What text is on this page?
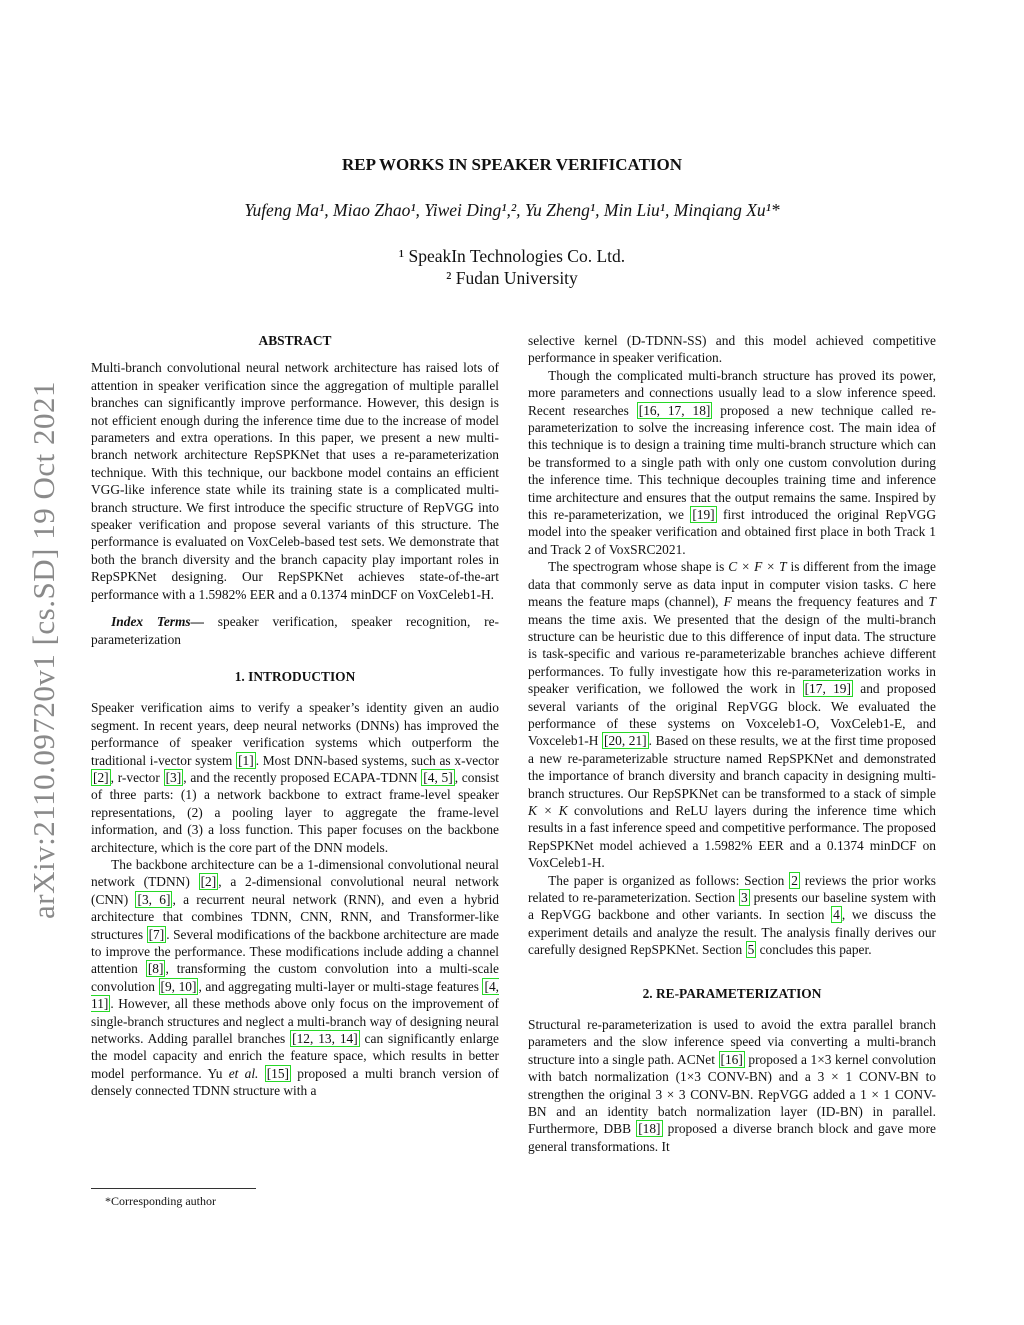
arXiv:2110.09720v1 [cs.SD] 19 Oct 2021
REP WORKS IN SPEAKER VERIFICATION
Yufeng Ma¹, Miao Zhao¹, Yiwei Ding¹,², Yu Zheng¹, Min Liu¹, Minqiang Xu¹*
¹ SpeakIn Technologies Co. Ltd.
² Fudan University
ABSTRACT

Multi-branch convolutional neural network architecture has raised lots of attention in speaker verification since the aggregation of multiple parallel branches can significantly improve performance. However, this design is not efficient enough during the inference time due to the increase of model parameters and extra operations. In this paper, we present a new multi-branch network architecture RepSPKNet that uses a re-parameterization technique. With this technique, our backbone model contains an efficient VGG-like inference state while its training state is a complicated multi-branch structure. We first introduce the specific structure of RepVGG into speaker verification and propose several variants of this structure. The performance is evaluated on VoxCeleb-based test sets. We demonstrate that both the branch diversity and the branch capacity play important roles in RepSPKNet designing. Our RepSPKNet achieves state-of-the-art performance with a 1.5982% EER and a 0.1374 minDCF on VoxCeleb1-H.

Index Terms— speaker verification, speaker recognition, re-parameterization

1. INTRODUCTION

Speaker verification aims to verify a speaker’s identity given an audio segment. In recent years, deep neural networks (DNNs) has improved the performance of speaker verification systems which outperform the traditional i-vector system [1] . Most DNN-based systems, such as x-vector [2] , r-vector [3] , and the recently proposed ECAPA-TDNN [4, 5] , consist of three parts: (1) a network backbone to extract frame-level speaker representations, (2) a pooling layer to aggregate the frame-level information, and (3) a loss function. This paper focuses on the backbone architecture, which is the core part of the DNN models.

The backbone architecture can be a 1-dimensional convolutional neural network (TDNN) [2] , a 2-dimensional convolutional neural network (CNN) [3, 6] , a recurrent neural network (RNN), and even a hybrid architecture that combines TDNN, CNN, RNN, and Transformer-like structures [7] . Several modifications of the backbone architecture are made to improve the performance. These modifications include adding a channel attention [8] , transforming the custom convolution into a multi-scale convolution [9, 10] , and aggregating multi-layer or multi-stage features [4, 11] . However, all these methods above only focus on the improvement of single-branch structures and neglect a multi-branch way of designing neural networks. Adding parallel branches [12, 13, 14] can significantly enlarge the model capacity and enrich the feature space, which results in better model performance. Yu et al. [15] proposed a multi branch version of densely connected TDNN structure with a

*Corresponding author

selective kernel (D-TDNN-SS) and this model achieved competitive performance in speaker verification.

Though the complicated multi-branch structure has proved its power, more parameters and connections usually lead to a slow inference speed. Recent researches [16, 17, 18] proposed a new technique called re-parameterization to solve the increasing inference cost. The main idea of this technique is to design a training time multi-branch structure which can be transformed to a single path with only one custom convolution during the inference time. This technique decouples training time and inference time architecture and ensures that the output remains the same. Inspired by this re-parameterization, we [19] first introduced the original RepVGG model into the speaker verification and obtained first place in both Track 1 and Track 2 of VoxSRC2021.

The spectrogram whose shape is C × F × T is different from the image data that commonly serve as data input in computer vision tasks. C here means the feature maps (channel), F means the frequency features and T means the time axis. We presented that the design of the multi-branch structure can be heuristic due to this difference of input data. The structure is task-specific and various re-parameterizable branches achieve different performances. To fully investigate how this re-parameterization works in speaker verification, we followed the work in [17, 19] and proposed several variants of the original RepVGG block. We evaluated the performance of these systems on Voxceleb1-O, VoxCeleb1-E, and Voxceleb1-H [20, 21] . Based on these results, we at the first time proposed a new re-parameterizable structure named RepSPKNet and demonstrated the importance of branch diversity and branch capacity in designing multi-branch structures. Our RepSPKNet can be transformed to a stack of simple K × K convolutions and ReLU layers during the inference time which results in a fast inference speed and competitive performance. The proposed RepSPKNet model achieved a 1.5982% EER and a 0.1374 minDCF on VoxCeleb1-H.

The paper is organized as follows: Section 2 reviews the prior works related to re-parameterization. Section 3 presents our baseline system with a RepVGG backbone and other variants. In section 4 , we discuss the experiment details and analyze the result. The analysis finally derives our carefully designed RepSPKNet. Section 5 concludes this paper.

2. RE-PARAMETERIZATION

Structural re-parameterization is used to avoid the extra parallel branch parameters and the slow inference speed via converting a multi-branch structure into a single path. ACNet [16] proposed a 1×3 kernel convolution with batch normalization (1×3 CONV-BN) and a 3 × 1 CONV-BN to strengthen the original 3 × 3 CONV-BN. RepVGG added a 1 × 1 CONV-BN and an identity batch normalization layer (ID-BN) in parallel. Furthermore, DBB [18] proposed a diverse branch block and gave more general transformations. It
